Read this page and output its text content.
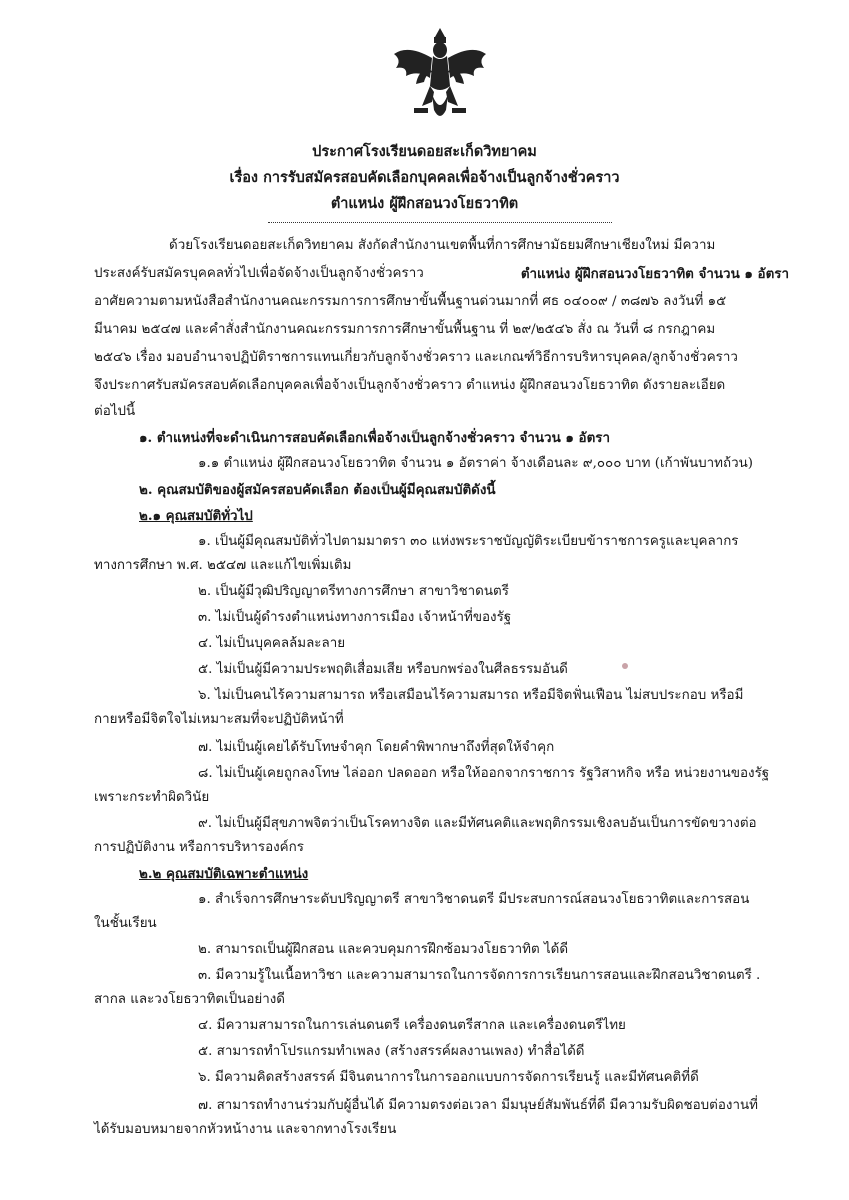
ประกาศโรงเรียนดอยสะเก็ดวิทยาคม
เรื่อง การรับสมัครสอบคัดเลือกบุคคลเพื่อจ้างเป็นลูกจ้างชั่วคราว
ตำแหน่ง ผู้ฝึกสอนวงโยธวาทิต
ด้วยโรงเรียนดอยสะเก็ดวิทยาคม สังกัดสำนักงานเขตพื้นที่การศึกษามัธยมศึกษาเชียงใหม่ มีความ
ประสงค์รับสมัครบุคคลทั่วไปเพื่อจัดจ้างเป็นลูกจ้างชั่วคราว	ตำแหน่ง ผู้ฝึกสอนวงโยธวาทิต จำนวน ๑ อัตรา
อาศัยความตามหนังสือสำนักงานคณะกรรมการการศึกษาขั้นพื้นฐานด่วนมากที่ ศธ ๐๔๐๐๙ / ๓๘๗๖ ลงวันที่ ๑๕
มีนาคม ๒๕๔๗ และคำสั่งสำนักงานคณะกรรมการการศึกษาขั้นพื้นฐาน ที่ ๒๙/๒๕๔๖ สั่ง ณ วันที่ ๘ กรกฎาคม
๒๕๔๖ เรื่อง มอบอำนาจปฏิบัติราชการแทนเกี่ยวกับลูกจ้างชั่วคราว และเกณฑ์วิธีการบริหารบุคคล/ลูกจ้างชั่วคราว
จึงประกาศรับสมัครสอบคัดเลือกบุคคลเพื่อจ้างเป็นลูกจ้างชั่วคราว ตำแหน่ง ผู้ฝึกสอนวงโยธวาทิต ดังรายละเอียด
ต่อไปนี้
๑. ตำแหน่งที่จะดำเนินการสอบคัดเลือกเพื่อจ้างเป็นลูกจ้างชั่วคราว จำนวน ๑ อัตรา
๑.๑ ตำแหน่ง ผู้ฝึกสอนวงโยธวาทิต จำนวน ๑ อัตราค่า จ้างเดือนละ ๙,๐๐๐ บาท (เก้าพันบาทถ้วน)
๒. คุณสมบัติของผู้สมัครสอบคัดเลือก ต้องเป็นผู้มีคุณสมบัติดังนี้
๒.๑ คุณสมบัติทั่วไป
๑. เป็นผู้มีคุณสมบัติทั่วไปตามมาตรา ๓๐ แห่งพระราชบัญญัติระเบียบข้าราชการครูและบุคลากร
ทางการศึกษา พ.ศ. ๒๕๔๗ และแก้ไขเพิ่มเติม
๒. เป็นผู้มีวุฒิปริญญาตรีทางการศึกษา สาขาวิชาดนตรี
๓. ไม่เป็นผู้ดำรงตำแหน่งทางการเมือง เจ้าหน้าที่ของรัฐ
๔. ไม่เป็นบุคคลล้มละลาย
๕. ไม่เป็นผู้มีความประพฤติเสื่อมเสีย หรือบกพร่องในศีลธรรมอันดี
๖. ไม่เป็นคนไร้ความสามารถ หรือเสมือนไร้ความสมารถ หรือมีจิตฟั่นเฟือน ไม่สบประกอบ หรือมี
กายหรือมีจิตใจไม่เหมาะสมที่จะปฏิบัติหน้าที่
๗. ไม่เป็นผู้เคยได้รับโทษจำคุก โดยคำพิพากษาถึงที่สุดให้จำคุก
๘. ไม่เป็นผู้เคยถูกลงโทษ ไล่ออก ปลดออก หรือให้ออกจากราชการ รัฐวิสาหกิจ หรือ หน่วยงานของรัฐ
เพราะกระทำผิดวินัย
๙. ไม่เป็นผู้มีสุขภาพจิตว่าเป็นโรคทางจิต และมีทัศนคติและพฤติกรรมเชิงลบอันเป็นการขัดขวางต่อ
การปฏิบัติงาน หรือการบริหารองค์กร
๒.๒ คุณสมบัติเฉพาะตำแหน่ง
๑. สำเร็จการศึกษาระดับปริญญาตรี สาขาวิชาดนตรี มีประสบการณ์สอนวงโยธวาทิตและการสอน
ในชั้นเรียน
๒. สามารถเป็นผู้ฝึกสอน และควบคุมการฝึกซ้อมวงโยธวาทิต ได้ดี
๓. มีความรู้ในเนื้อหาวิชา และความสามารถในการจัดการการเรียนการสอนและฝึกสอนวิชาดนตรี .
สากล และวงโยธวาทิตเป็นอย่างดี
๔. มีความสามารถในการเล่นดนตรี เครื่องดนตรีสากล และเครื่องดนตรีไทย
๕. สามารถทำโปรแกรมทำเพลง (สร้างสรรค์ผลงานเพลง) ทำสื่อได้ดี
๖. มีความคิดสร้างสรรค์ มีจินตนาการในการออกแบบการจัดการเรียนรู้ และมีทัศนคติที่ดี
๗. สามารถทำงานร่วมกับผู้อื่นได้ มีความตรงต่อเวลา มีมนุษย์สัมพันธ์ที่ดี มีความรับผิดชอบต่องานที่
ได้รับมอบหมายจากหัวหน้างาน และจากทางโรงเรียน
